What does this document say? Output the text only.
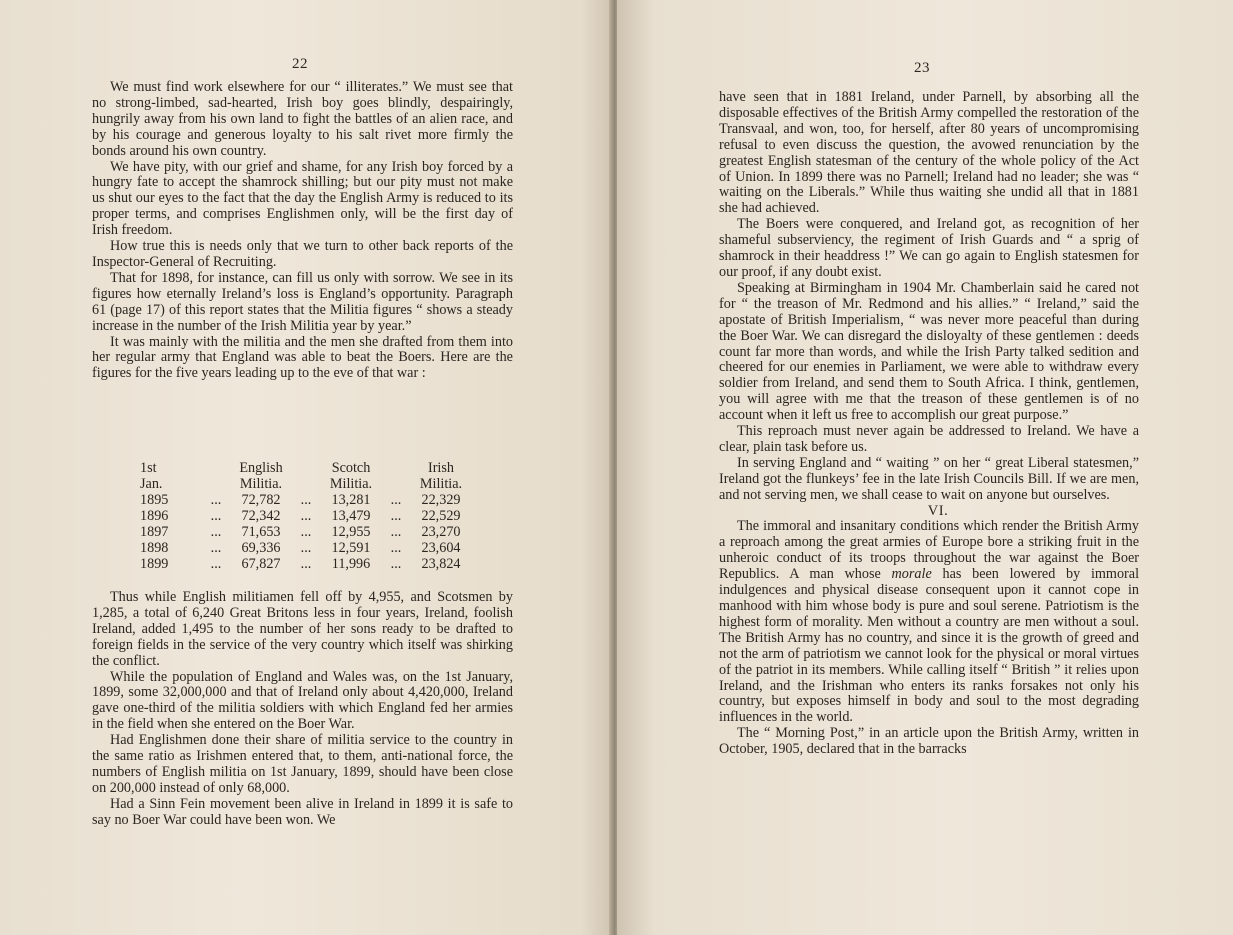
22

We must find work elsewhere for our “ illiterates.” We must see that no strong-limbed, sad-hearted, Irish boy goes blindly, despairingly, hungrily away from his own land to fight the battles of an alien race, and by his courage and generous loyalty to his salt rivet more firmly the bonds around his own country.

We have pity, with our grief and shame, for any Irish boy forced by a hungry fate to accept the shamrock shilling; but our pity must not make us shut our eyes to the fact that the day the English Army is reduced to its proper terms, and comprises Englishmen only, will be the first day of Irish freedom.

How true this is needs only that we turn to other back reports of the Inspector-General of Recruiting.

That for 1898, for instance, can fill us only with sorrow. We see in its figures how eternally Ireland’s loss is England’s opportunity. Paragraph 61 (page 17) of this report states that the Militia figures “ shows a steady increase in the number of the Irish Militia year by year.”

It was mainly with the militia and the men she drafted from them into her regular army that England was able to beat the Boers. Here are the figures for the five years leading up to the eve of that war :

1st	English	Scotch	Irish
Jan.	Militia.	Militia.	Militia.
1895	...	72,782	...	13,281	...	22,329
1896	...	72,342	...	13,479	...	22,529
1897	...	71,653	...	12,955	...	23,270
1898	...	69,336	...	12,591	...	23,604
1899	...	67,827	...	11,996	...	23,824

Thus while English militiamen fell off by 4,955, and Scotsmen by 1,285, a total of 6,240 Great Britons less in four years, Ireland, foolish Ireland, added 1,495 to the number of her sons ready to be drafted to foreign fields in the service of the very country which itself was shirking the conflict.

While the population of England and Wales was, on the 1st January, 1899, some 32,000,000 and that of Ireland only about 4,420,000, Ireland gave one-third of the militia soldiers with which England fed her armies in the field when she entered on the Boer War.

Had Englishmen done their share of militia service to the country in the same ratio as Irishmen entered that, to them, anti-national force, the numbers of English militia on 1st January, 1899, should have been close on 200,000 instead of only 68,000.

Had a Sinn Fein movement been alive in Ireland in 1899 it is safe to say no Boer War could have been won. We

23

have seen that in 1881 Ireland, under Parnell, by absorbing all the disposable effectives of the British Army compelled the restoration of the Transvaal, and won, too, for herself, after 80 years of uncompromising refusal to even discuss the question, the avowed renunciation by the greatest English statesman of the century of the whole policy of the Act of Union. In 1899 there was no Parnell; Ireland had no leader; she was “ waiting on the Liberals.” While thus waiting she undid all that in 1881 she had achieved.

The Boers were conquered, and Ireland got, as recognition of her shameful subserviency, the regiment of Irish Guards and “ a sprig of shamrock in their headdress !” We can go again to English statesmen for our proof, if any doubt exist.

Speaking at Birmingham in 1904 Mr. Chamberlain said he cared not for “ the treason of Mr. Redmond and his allies.” “ Ireland,” said the apostate of British Imperialism, “ was never more peaceful than during the Boer War. We can disregard the disloyalty of these gentlemen : deeds count far more than words, and while the Irish Party talked sedition and cheered for our enemies in Parliament, we were able to withdraw every soldier from Ireland, and send them to South Africa. I think, gentlemen, you will agree with me that the treason of these gentlemen is of no account when it left us free to accomplish our great purpose.”

This reproach must never again be addressed to Ireland. We have a clear, plain task before us.

In serving England and “ waiting ” on her “ great Liberal statesmen,” Ireland got the flunkeys’ fee in the late Irish Councils Bill. If we are men, and not serving men, we shall cease to wait on anyone but ourselves.

VI.

The immoral and insanitary conditions which render the British Army a reproach among the great armies of Europe bore a striking fruit in the unheroic conduct of its troops throughout the war against the Boer Republics. A man whose morale has been lowered by immoral indulgences and physical disease consequent upon it cannot cope in manhood with him whose body is pure and soul serene. Patriotism is the highest form of morality. Men without a country are men without a soul. The British Army has no country, and since it is the growth of greed and not the arm of patriotism we cannot look for the physical or moral virtues of the patriot in its members. While calling itself “ British ” it relies upon Ireland, and the Irishman who enters its ranks forsakes not only his country, but exposes himself in body and soul to the most degrading influences in the world.

The “ Morning Post,” in an article upon the British Army, written in October, 1905, declared that in the barracks
